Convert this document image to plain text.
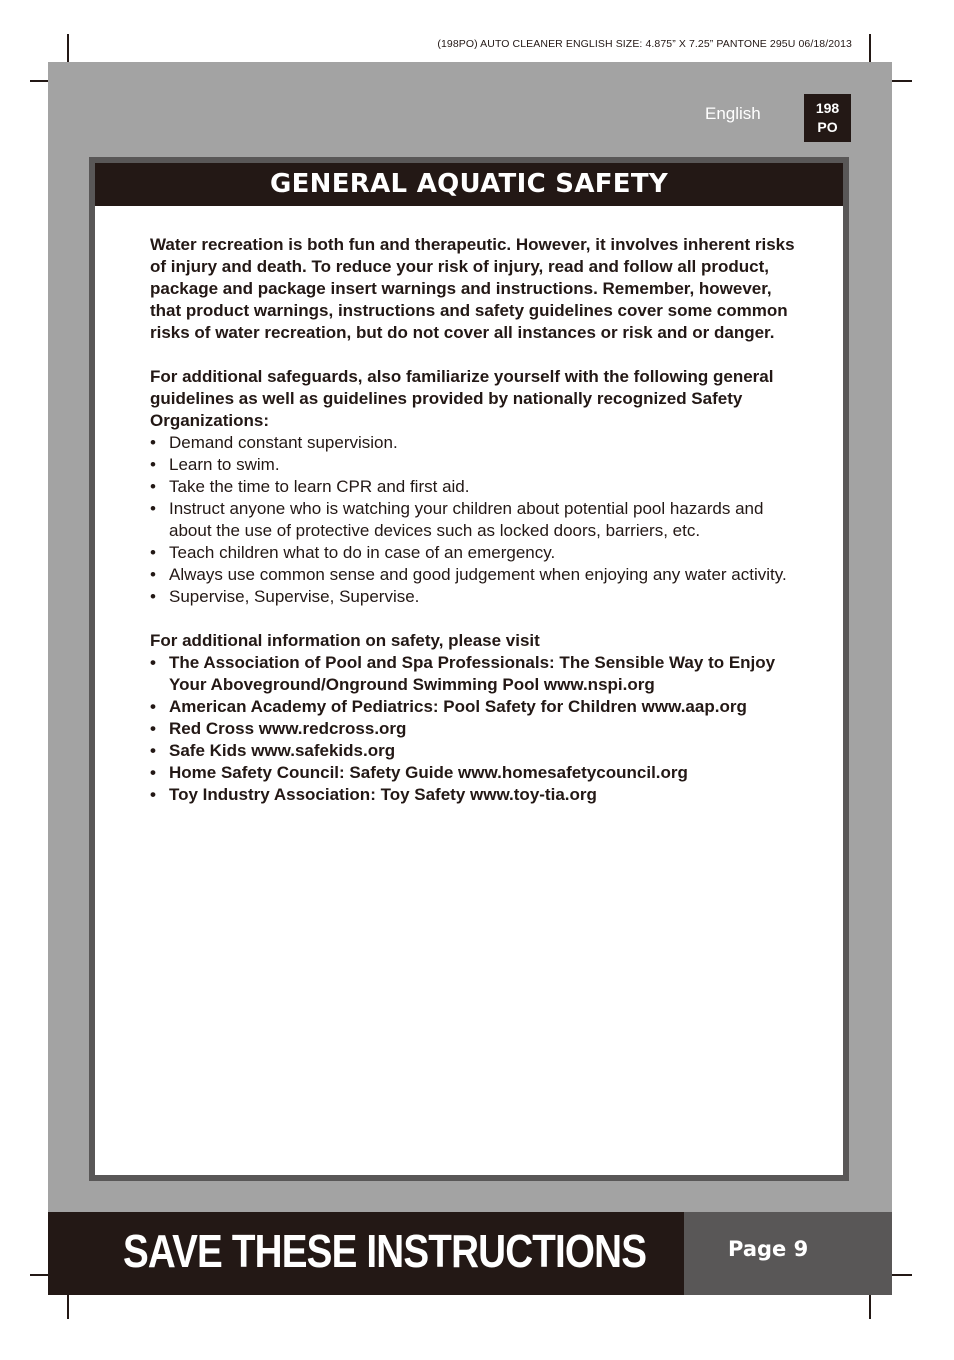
(198PO) AUTO CLEANER ENGLISH SIZE: 4.875” X 7.25” PANTONE 295U 06/18/2013
English	198
PO
GENERAL AQUATIC SAFETY

Water recreation is both fun and therapeutic. However, it involves inherent risks of injury and death. To reduce your risk of injury, read and follow all product, package and package insert warnings and instructions. Remember, however, that product warnings, instructions and safety guidelines cover some common risks of water recreation, but do not cover all instances or risk and or danger.

For additional safeguards, also familiarize yourself with the following general guidelines as well as guidelines provided by nationally recognized Safety Organizations:

• Demand constant supervision.
• Learn to swim.
• Take the time to learn CPR and first aid.
• Instruct anyone who is watching your children about potential pool hazards and about the use of protective devices such as locked doors, barriers, etc.
• Teach children what to do in case of an emergency.
• Always use common sense and good judgement when enjoying any water activity.
• Supervise, Supervise, Supervise.

For additional information on safety, please visit

• The Association of Pool and Spa Professionals: The Sensible Way to Enjoy Your Aboveground/Onground Swimming Pool www.nspi.org
• American Academy of Pediatrics: Pool Safety for Children www.aap.org
• Red Cross www.redcross.org
• Safe Kids www.safekids.org
• Home Safety Council: Safety Guide www.homesafetycouncil.org
• Toy Industry Association: Toy Safety www.toy-tia.org
SAVE THESE INSTRUCTIONS	Page 9
